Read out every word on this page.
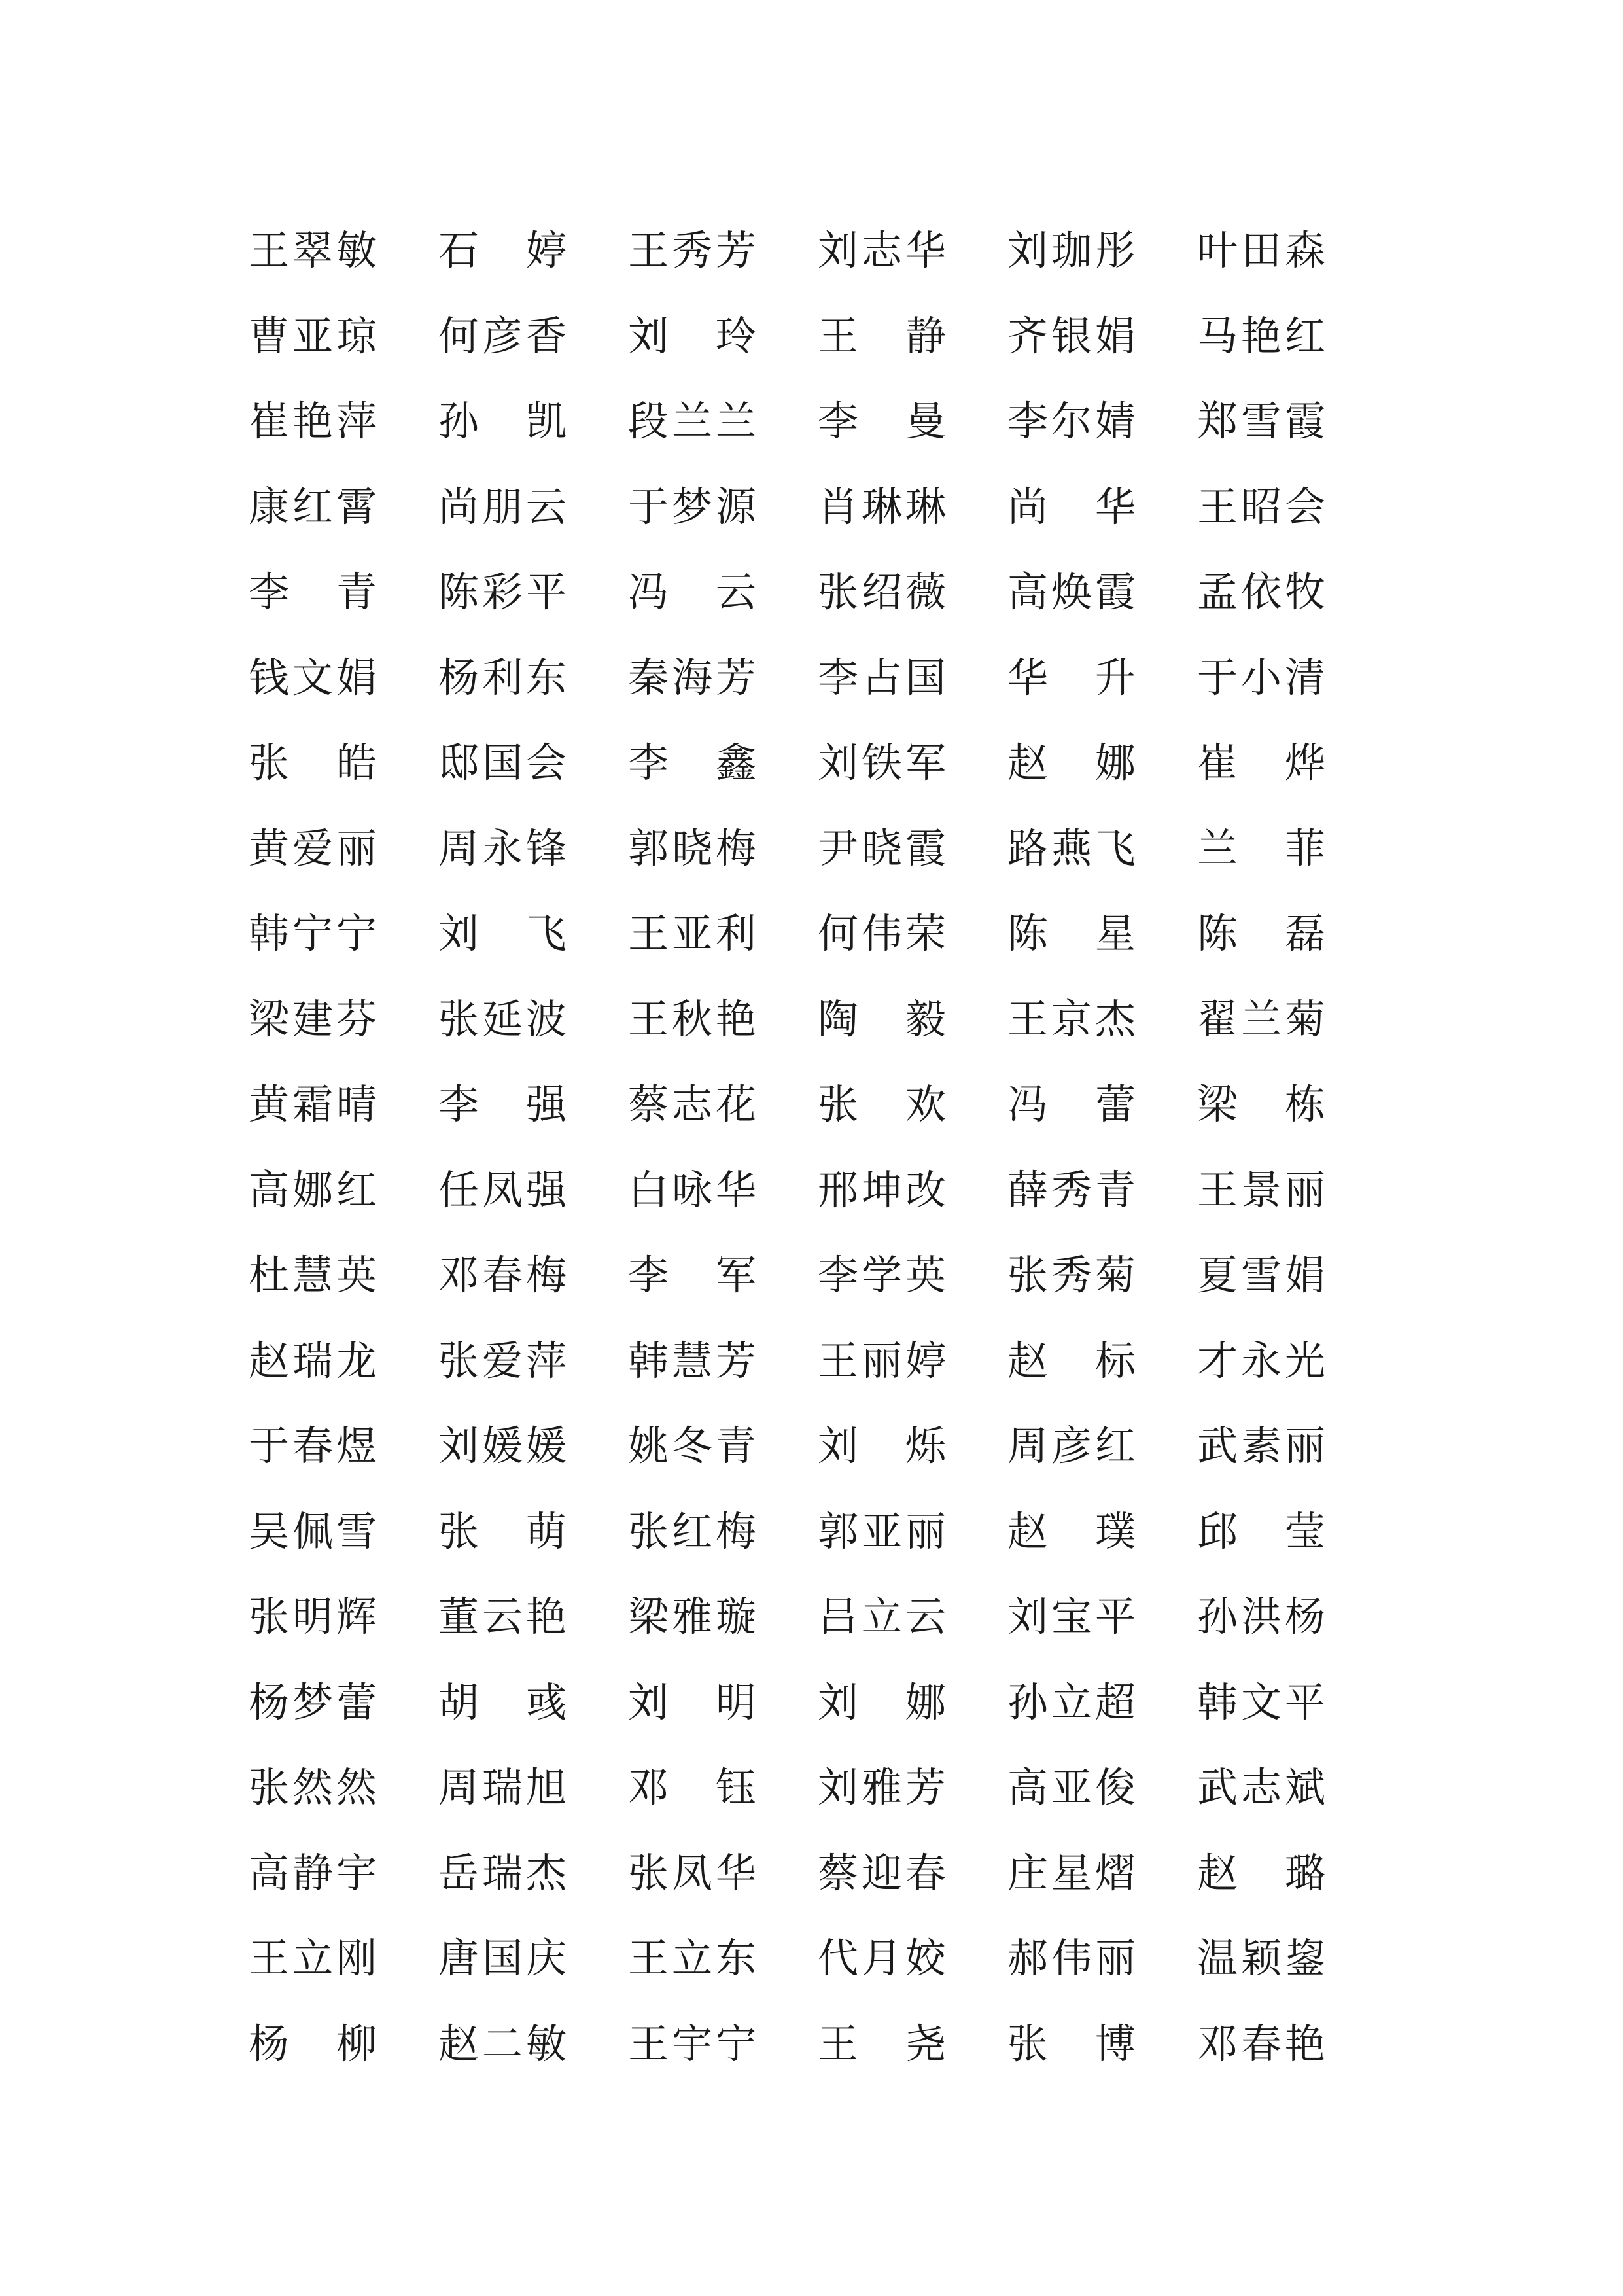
王 翠 敏 石 婷 王 秀 芳 刘 志 华 刘 珈 彤 叶 田 森
曹 亚 琼 何 彦 香 刘 玲 王 静 齐 银 娟 马 艳 红
崔 艳 萍 孙 凯 段 兰 兰 李 曼 李 尔 婧 郑 雪 霞
康 红 霄 尚 朋 云 于 梦 源 肖 琳 琳 尚 华 王 昭 会
李 青 陈 彩 平 冯 云 张 绍 薇 高 焕 霞 孟 依 牧
钱 文 娟 杨 利 东 秦 海 芳 李 占 国 华 升 于 小 清
张 皓 邸 国 会 李 鑫 刘 铁 军 赵 娜 崔 烨
黄 爱 丽 周 永 锋 郭 晓 梅 尹 晓 霞 路 燕 飞 兰 菲
韩 宁 宁 刘 飞 王 亚 利 何 伟 荣 陈 星 陈 磊
梁 建 芬 张 延 波 王 秋 艳 陶 毅 王 京 杰 翟 兰 菊
黄 霜 晴 李 强 蔡 志 花 张 欢 冯 蕾 梁 栋
高 娜 红 任 凤 强 白 咏 华 邢 坤 改 薛 秀 青 王 景 丽
杜 慧 英 邓 春 梅 李 军 李 学 英 张 秀 菊 夏 雪 娟
赵 瑞 龙 张 爱 萍 韩 慧 芳 王 丽 婷 赵 标 才 永 光
于 春 煜 刘 媛 媛 姚 冬 青 刘 烁 周 彦 红 武 素 丽
吴 佩 雪 张 萌 张 红 梅 郭 亚 丽 赵 璞 邱 莹
张 明 辉 董 云 艳 梁 雅 璇 吕 立 云 刘 宝 平 孙 洪 杨
杨 梦 蕾 胡 彧 刘 明 刘 娜 孙 立 超 韩 文 平
张 然 然 周 瑞 旭 邓 钰 刘 雅 芳 高 亚 俊 武 志 斌
高 静 宇 岳 瑞 杰 张 凤 华 蔡 迎 春 庄 星 熠 赵 璐
王 立 刚 唐 国 庆 王 立 东 代 月 姣 郝 伟 丽 温 颖 鋆
杨 柳 赵 二 敏 王 宇 宁 王 尧 张 博 邓 春 艳
